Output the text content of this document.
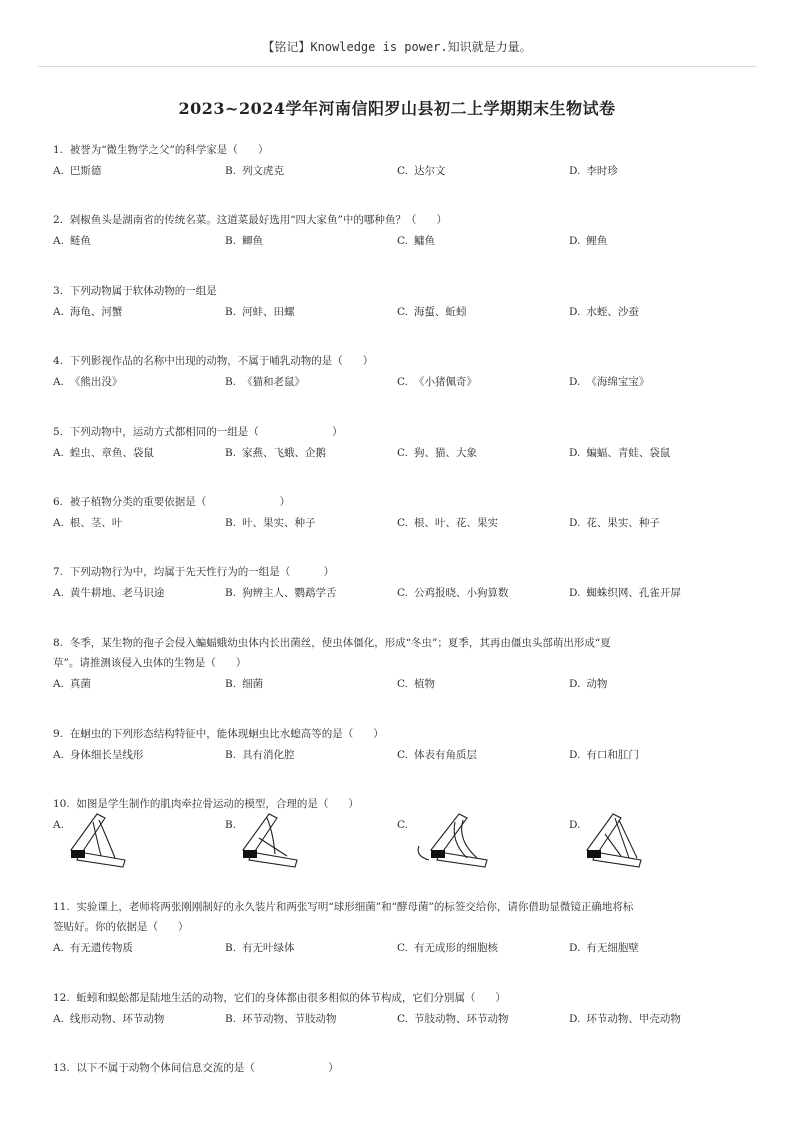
【铭记】Knowledge is power.知识就是力量。
2023~2024学年河南信阳罗山县初二上学期期末生物试卷
1.  被誉为“微生物学之父”的科学家是（      ）
A. 巴斯德	B. 列文虎克	C. 达尔文	D. 李时珍
2.  剁椒鱼头是湖南省的传统名菜。这道菜最好选用“四大家鱼”中的哪种鱼？（      ）
A. 鲢鱼	B. 鲫鱼	C. 鳙鱼	D. 鲤鱼
3.  下列动物属于软体动物的一组是
A. 海龟、河蟹	B. 河蚌、田螺	C. 海蜇、蚯蚓	D. 水蛭、沙蚕
4.  下列影视作品的名称中出现的动物，不属于哺乳动物的是（      ）
A. 《熊出没》	B. 《猫和老鼠》	C. 《小猪佩奇》	D. 《海绵宝宝》
5.  下列动物中，运动方式都相同的一组是（                      ）
A. 蝗虫、章鱼、袋鼠	B. 家燕、飞蛾、企鹅	C. 狗、猫、大象	D. 蝙蝠、青蛙、袋鼠
6.  被子植物分类的重要依据是（                      ）
A. 根、茎、叶	B. 叶、果实、种子	C. 根、叶、花、果实	D. 花、果实、种子
7.  下列动物行为中，均属于先天性行为的一组是（          ）
A. 黄牛耕地、老马识途	B. 狗辨主人、鹦鹉学舌	C. 公鸡报晓、小狗算数	D. 蜘蛛织网、孔雀开屏
8.  冬季，某生物的孢子会侵入蝙蝠蛾幼虫体内长出菌丝，使虫体僵化，形成“冬虫”；夏季，其再由僵虫头部萌出形成“夏
草”。请推测该侵入虫体的生物是（      ）
A. 真菌	B. 细菌	C. 植物	D. 动物
9.  在蛔虫的下列形态结构特征中，能体现蛔虫比水螅高等的是（      ）
A. 身体细长呈线形	B. 具有消化腔	C. 体表有角质层	D. 有口和肛门
10.  如图是学生制作的肌肉牵拉骨运动的模型，合理的是（      ）
A.	B.	C.	D.
11.  实验课上，老师将两张刚刚制好的永久装片和两张写明“球形细菌”和“酵母菌”的标签交给你，请你借助显微镜正确地将标
签贴好。你的依据是（      ）
A. 有无遗传物质	B. 有无叶绿体	C. 有无成形的细胞核	D. 有无细胞壁
12.  蚯蚓和蜈蚣都是陆地生活的动物，它们的身体都由很多相似的体节构成，它们分别属（      ）
A. 线形动物、环节动物	B. 环节动物、节肢动物	C. 节肢动物、环节动物	D. 环节动物、甲壳动物
13.  以下不属于动物个体间信息交流的是（                      ）
